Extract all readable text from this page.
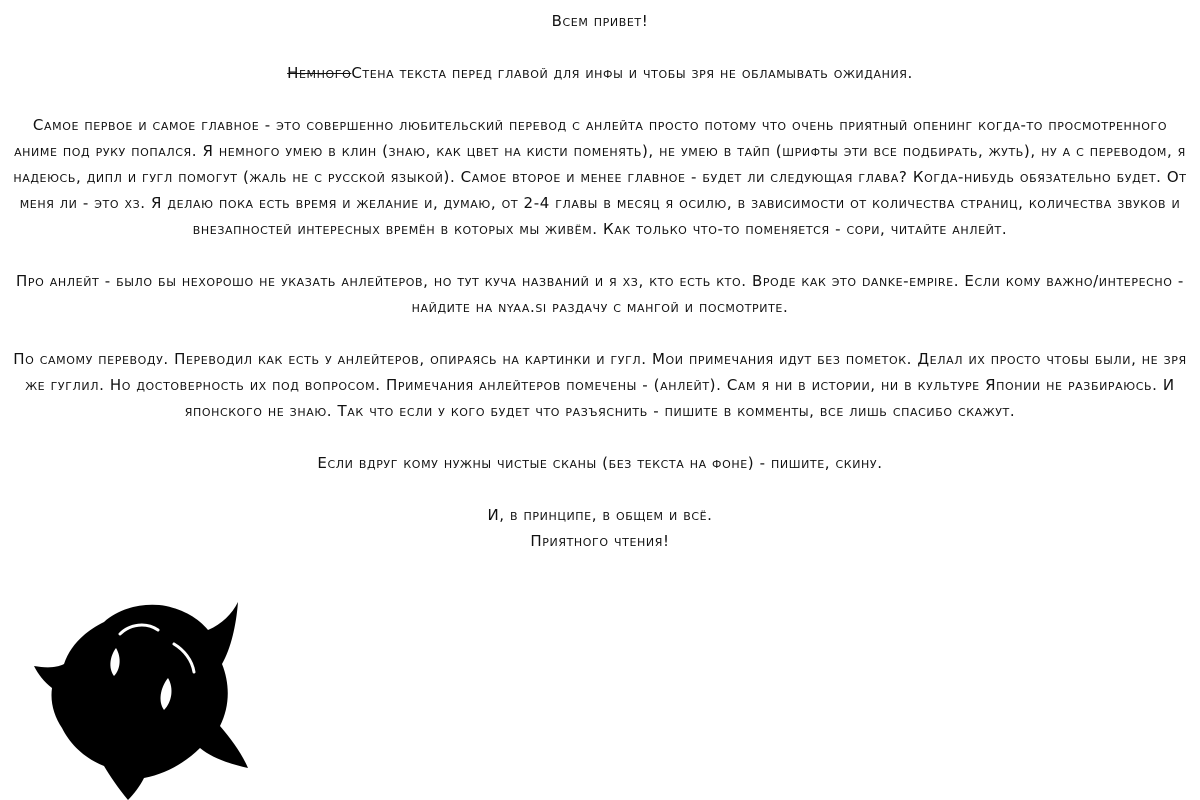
Всем привет!

НемногоСтена текста перед главой для инфы и чтобы зря не обламывать ожидания.

Самое первое и самое главное - это совершенно любительский перевод с анлейта просто потому что очень приятный опенинг когда-то просмотренного аниме под руку попался. Я немного умею в клин (знаю, как цвет на кисти поменять), не умею в тайп (шрифты эти все подбирать, жуть), ну а с переводом, я надеюсь, дипл и гугл помогут (жаль не с русской языкой). Самое второе и менее главное - будет ли следующая глава? Когда-нибудь обязательно будет. От меня ли - это хз. Я делаю пока есть время и желание и, думаю, от 2-4 главы в месяц я осилю, в зависимости от количества страниц, количества звуков и внезапностей интересных времён в которых мы живём. Как только что-то поменяется - сори, читайте анлейт.

Про анлейт - было бы нехорошо не указать анлейтеров, но тут куча названий и я хз, кто есть кто. Вроде как это danke-empire. Если кому важно/интересно - найдите на nyaa.si раздачу с мангой и посмотрите.

По самому переводу. Переводил как есть у анлейтеров, опираясь на картинки и гугл. Мои примечания идут без пометок. Делал их просто чтобы были, не зря же гуглил. Но достоверность их под вопросом. Примечания анлейтеров помечены - (анлейт). Сам я ни в истории, ни в культуре Японии не разбираюсь. И японского не знаю. Так что если у кого будет что разъяснить - пишите в комменты, все лишь спасибо скажут.

Если вдруг кому нужны чистые сканы (без текста на фоне) - пишите, скину.

И, в принципе, в общем и всё.

Приятного чтения!
